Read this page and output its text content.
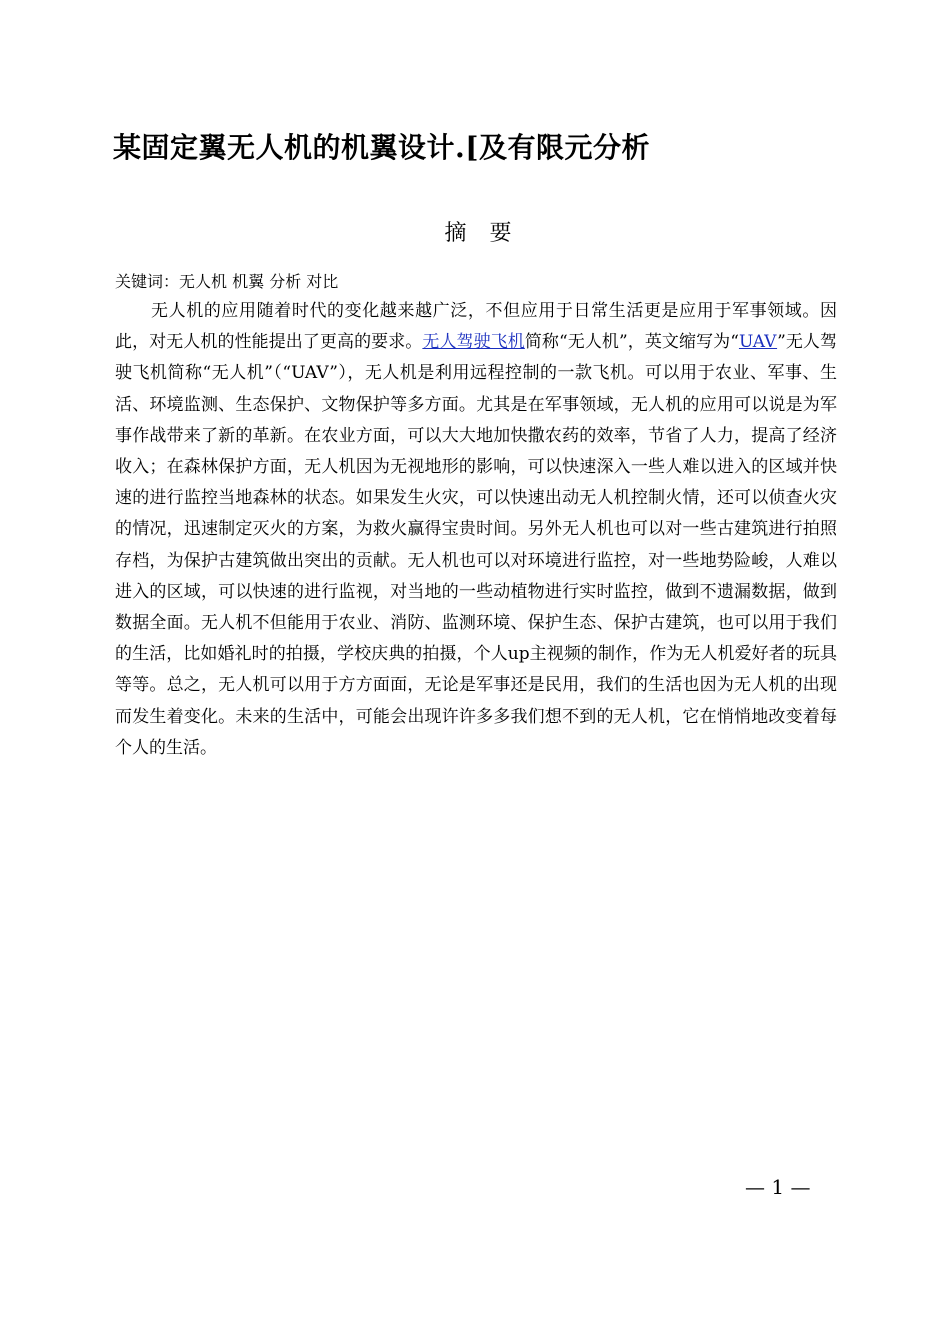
某固定翼无人机的机翼设计.[及有限元分析
摘 要
关键词：无人机 机翼 分析 对比

无人机的应用随着时代的变化越来越广泛，不但应用于日常生活更是应用于军事领域。因此，对无人机的性能提出了更高的要求。无人驾驶飞机简称“无人机”，英文缩写为“UAV”无人驾驶飞机简称“无人机”（“UAV”），无人机是利用远程控制的一款飞机。可以用于农业、军事、生活、环境监测、生态保护、文物保护等多方面。尤其是在军事领域，无人机的应用可以说是为军事作战带来了新的革新。在农业方面，可以大大地加快撒农药的效率，节省了人力，提高了经济收入；在森林保护方面，无人机因为无视地形的影响，可以快速深入一些人难以进入的区域并快速的进行监控当地森林的状态。如果发生火灾，可以快速出动无人机控制火情，还可以侦查火灾的情况，迅速制定灭火的方案，为救火赢得宝贵时间。另外无人机也可以对一些古建筑进行拍照存档，为保护古建筑做出突出的贡献。无人机也可以对环境进行监控，对一些地势险峻，人难以进入的区域，可以快速的进行监视，对当地的一些动植物进行实时监控，做到不遗漏数据，做到数据全面。无人机不但能用于农业、消防、监测环境、保护生态、保护古建筑，也可以用于我们的生活，比如婚礼时的拍摄，学校庆典的拍摄，个人up主视频的制作，作为无人机爱好者的玩具等等。总之，无人机可以用于方方面面，无论是军事还是民用，我们的生活也因为无人机的出现而发生着变化。未来的生活中，可能会出现许许多多我们想不到的无人机，它在悄悄地改变着每个人的生活。

— 1 —
